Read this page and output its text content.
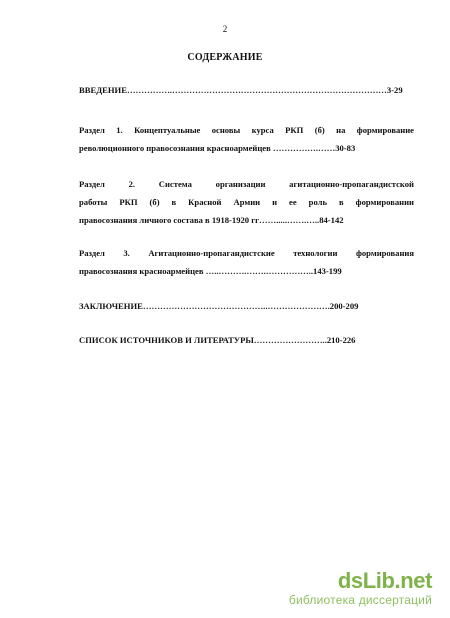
2
СОДЕРЖАНИЕ
ВВЕДЕНИЕ…………….…………………………………………………………………3-29
Раздел 1. Концептуальные основы курса РКП (б) на формирование
революционного правосознания красноармейцев …………….……30-83
Раздел 2. Система организации агитационно-пропагандистской
работы РКП (б) в Красной Армии и ее роль в формировании
правосознания личного состава в 1918-1920 гг…….....…….…..84-142
Раздел 3. Агитационно-пропагандистские технологии формирования
правосознания красноармейцев …..……….…….……………..143-199
ЗАКЛЮЧЕНИЕ……………………………………..………………….200-209
СПИСОК ИСТОЧНИКОВ И ЛИТЕРАТУРЫ……………………..210-226
dsLib.net
библиотека диссертаций
